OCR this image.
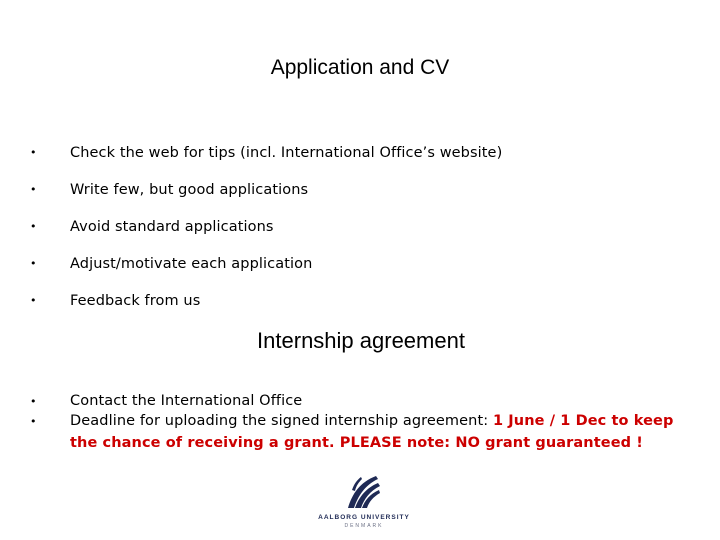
Application and CV
• Check the web for tips (incl. International Office’s website)
• Write few, but good applications
• Avoid standard applications
• Adjust/motivate each application
• Feedback from us
Internship agreement
• Contact the International Office
• Deadline for uploading the signed internship agreement: 1 June / 1 Dec to keep the chance of receiving a grant. PLEASE note: NO grant guaranteed !
AALBORG UNIVERSITY
DENMARK
